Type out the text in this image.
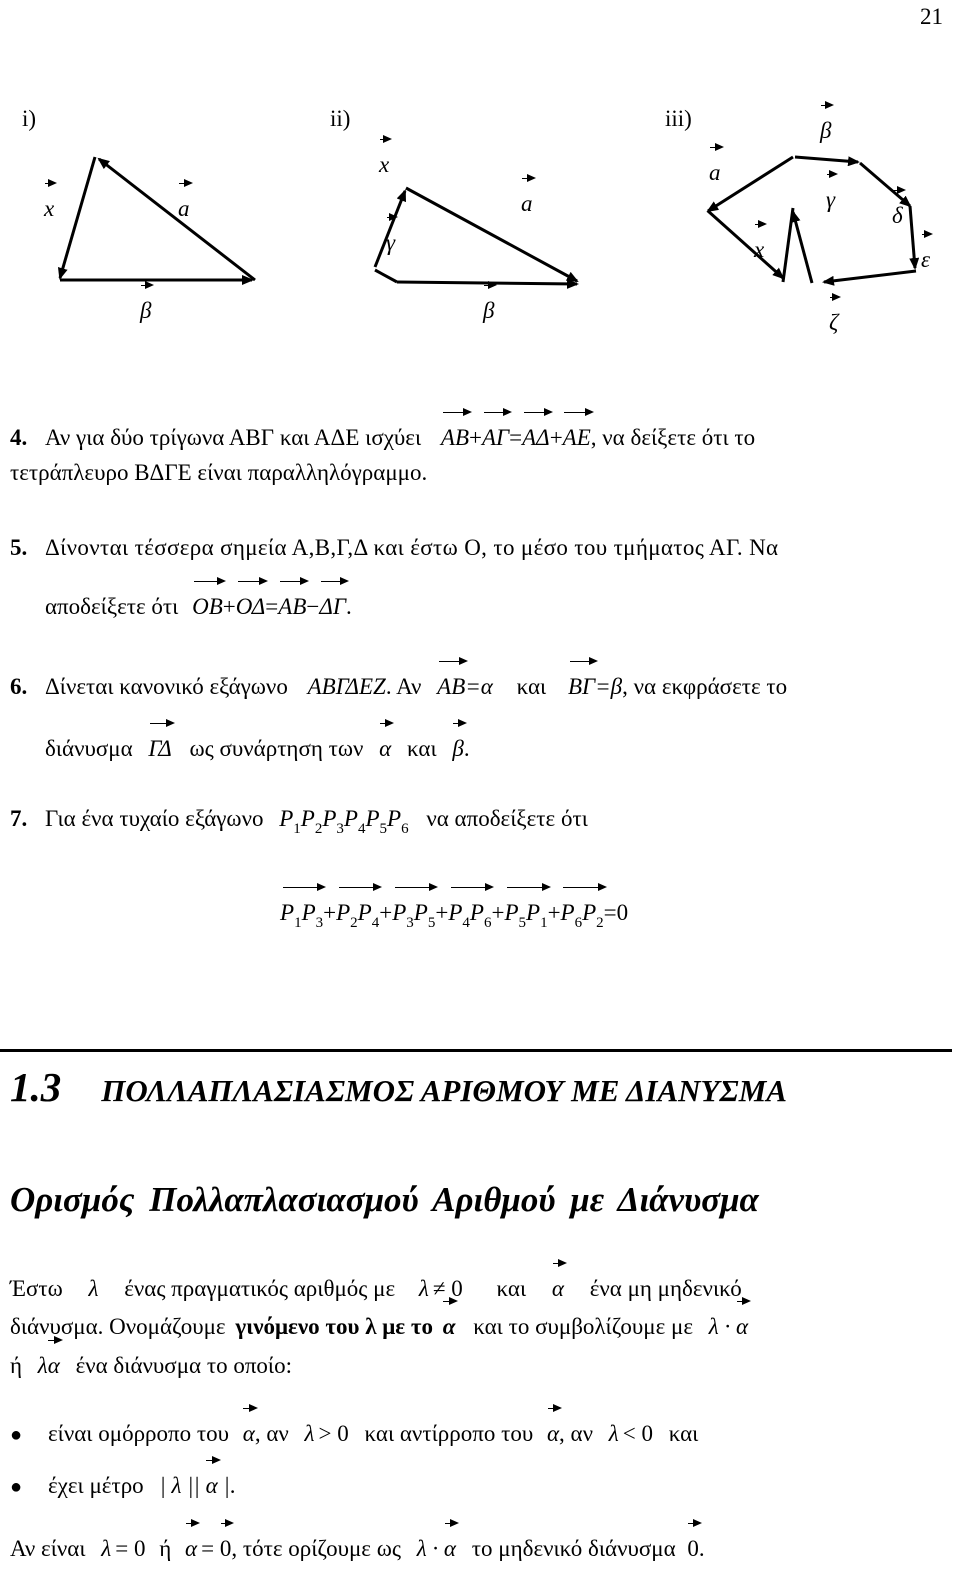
21
i)	ii)	iii)
x	a
β
x
a
γ
β
a
β
γ
δ
ε
x
ζ
4. Αν για δύο τρίγωνα ΑΒΓ και ΑΔΕ ισχύει ΑΒ+ΑΓ=ΑΔ+ΑΕ, να δείξετε ότι το
τετράπλευρο ΒΔΓΕ είναι παραλληλόγραμμο.
5. Δίνονται τέσσερα σημεία Α,Β,Γ,Δ και έστω Ο, το μέσο του τμήματος ΑΓ. Να
αποδείξετε ότι ΟΒ+ΟΔ=ΑΒ−ΔΓ.
6. Δίνεται κανονικό εξάγωνο ΑΒΓΔΕΖ. Αν ΑΒ=α και ΒΓ=β, να εκφράσετε το
διάνυσμα ΓΔ ως συνάρτηση των α και β.
7. Για ένα τυχαίο εξάγωνο $P_1P_2P_3P_4P_5P_6$ να αποδείξετε ότι
$P_1P_3+P_2P_4+P_3P_5+P_4P_6+P_5P_1+P_6P_2=0$
1.3 ΠΟΛΛΑΠΛΑΣΙΑΣΜΟΣ ΑΡΙΘΜΟΥ ΜΕ ΔΙΑΝΥΣΜΑ
Ορισμός Πολλαπλασιασμού Αριθμού με Διάνυσμα
Έστω λ ένας πραγματικός αριθμός με λ ≠ 0 και α ένα μη μηδενικό
διάνυσμα. Ονομάζουμε γινόμενο του λ με το α και το συμβολίζουμε με λ · α
ή λα ένα διάνυσμα το οποίο:
● είναι ομόρροπο του α, αν λ > 0 και αντίρροπο του α, αν λ < 0 και
● έχει μέτρο | λ || α |.
Αν είναι λ = 0 ή α = 0, τότε ορίζουμε ως λ · α το μηδενικό διάνυσμα 0.
